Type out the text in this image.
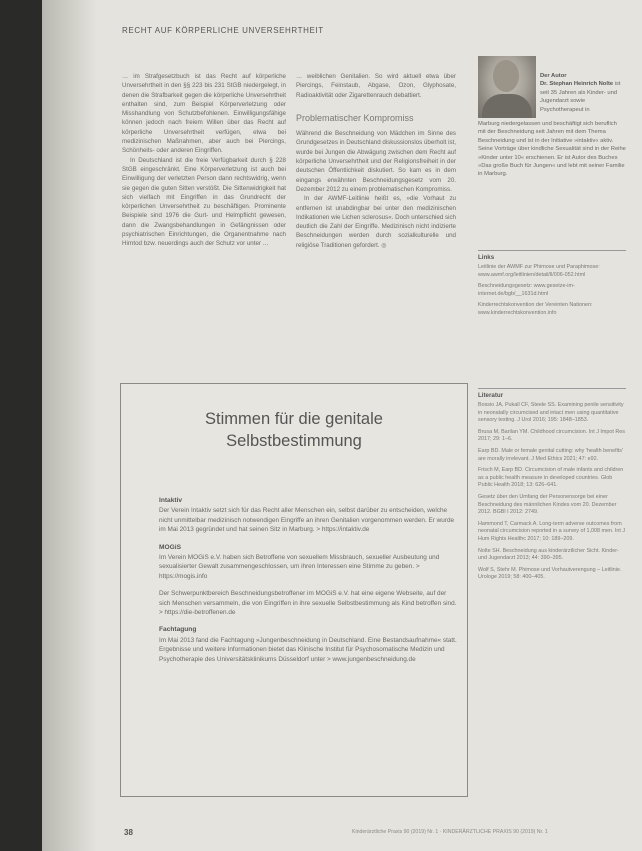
RECHT AUF KÖRPERLICHE UNVERSEHRTHEIT

… im Strafgesetzbuch ist das Recht auf körperliche Unversehrtheit in den §§ 223 bis 231 StGB niedergelegt, in denen die Strafbarkeit gegen die körperliche Unversehrtheit enthalten sind, zum Beispiel Körperverletzung oder Misshandlung von Schutzbefohlenen. Einwilligungsfähige können jedoch nach freiem Willen über das Recht auf körperliche Unversehrtheit verfügen, etwa bei medizinischen Maßnahmen, aber auch bei Piercings, Schönheits- oder anderen Eingriffen.

In Deutschland ist die freie Verfügbarkeit durch § 228 StGB eingeschränkt. Eine Körperverletzung ist auch bei Einwilligung der verletzten Person dann rechtswidrig, wenn sie gegen die guten Sitten verstößt. Die Sittenwidrigkeit hat sich vielfach mit Eingriffen in das Grundrecht der körperlichen Unversehrtheit zu beschäftigen. Prominente Beispiele sind 1976 die Gurt- und Helmpflicht gewesen, dann die Zwangsbehandlungen in Gefängnissen oder psychiatrischen Einrichtungen, die Organentnahme nach Hirntod bzw. neuerdings auch der Schutz vor unter …

… weiblichen Genitalien. So wird aktuell etwa über Piercings, Feinstaub, Abgase, Ozon, Glyphosate, Radioaktivität oder Zigarettenrauch debattiert.

Problematischer Kompromiss

Während die Beschneidung von Mädchen im Sinne des Grundgesetzes in Deutschland diskussionslos überholt ist, wurde bei Jungen die Abwägung zwischen dem Recht auf körperliche Unversehrtheit und der Religionsfreiheit in der deutschen Öffentlichkeit diskutiert. So kam es in dem eingangs erwähnten Beschneidungsgesetz vom 20. Dezember 2012 zu einem problematischen Kompromiss.

In der AWMF-Leitlinie heißt es, »die Vorhaut zu entfernen ist unabdingbar bei unter den medizinischen Indikationen wie Lichen sclerosus«. Doch unterschied sich deutlich die Zahl der Eingriffe. Medizinisch nicht indizierte Beschneidungen werden durch sozialkulturelle und religiöse Traditionen gefordert. ◎

Der Autor
Dr. Stephan Heinrich Nolte ist seit 35 Jahren als Kinder- und Jugendarzt sowie Psychotherapeut in
Marburg niedergelassen und beschäftigt sich beruflich mit der Beschneidung seit Jahren mit dem Thema Beschneidung und ist in der Initiative »intaktiv« aktiv. Seine Vorträge über kindliche Sexualität sind in der Reihe »Kinder unter 10« erschienen. Er ist Autor des Buches »Das große Buch für Jungen« und lebt mit seiner Familie in Marburg.
Links
Leitlinie der AWMF zur Phimose und Paraphimose: www.awmf.org/leitlinien/detail/ll/006-052.html
Beschneidungsgesetz: www.gesetze-im-internet.de/bgb/__1631d.html
Kinderrechtskonvention der Vereinten Nationen: www.kinderrechtskonvention.info
Literatur
Bossio JA, Pukall CF, Steele SS. Examining penile sensitivity in neonatally circumcised and intact men using quantitative sensory testing. J Urol 2016; 195: 1848–1853.
Brusa M, Barilan YM. Childhood circumcision. Int J Impot Res 2017; 29: 1–6.
Earp BD. Male or female genital cutting: why 'health benefits' are morally irrelevant. J Med Ethics 2021; 47: e92.
Frisch M, Earp BD. Circumcision of male infants and children as a public health measure in developed countries. Glob Public Health 2018; 13: 626–641.
Gesetz über den Umfang der Personensorge bei einer Beschneidung des männlichen Kindes vom 20. Dezember 2012. BGBl I 2012: 2749.
Hammond T, Carmack A. Long-term adverse outcomes from neonatal circumcision reported in a survey of 1,008 men. Int J Hum Rights Healthc 2017; 10: 189–209.
Nolte SH. Beschneidung aus kinderärztlicher Sicht. Kinder- und Jugendarzt 2013; 44: 390–395.
Wolf S, Stehr M. Phimose und Vorhautverengung – Leitlinie. Urologe 2019; 58: 400–405.
Stimmen für die genitale
Selbstbestimmung
Intaktiv

Der Verein Intaktiv setzt sich für das Recht aller Menschen ein, selbst darüber zu entscheiden, welche nicht unmittelbar medizinisch notwendigen Eingriffe an ihren Genitalien vorgenommen werden. Er wurde im Mai 2013 gegründet und hat seinen Sitz in Marburg. > https://intaktiv.de

MOGiS

Im Verein MOGiS e.V. haben sich Betroffene von sexuellem Missbrauch, sexueller Ausbeutung und sexualisierter Gewalt zusammengeschlossen, um ihren Interessen eine Stimme zu geben. > https://mogis.info

Der Schwerpunktbereich Beschneidungsbetroffener im MOGiS e.V. hat eine eigene Webseite, auf der sich Menschen versammeln, die von Eingriffen in ihre sexuelle Selbstbestimmung als Kind betroffen sind. > https://die-betroffenen.de

Fachtagung

Im Mai 2013 fand die Fachtagung »Jungenbeschneidung in Deutschland. Eine Bestandsaufnahme« statt. Ergebnisse und weitere Informationen bietet das Klinische Institut für Psychosomatische Medizin und Psychotherapie des Universitätsklinikums Düsseldorf unter > www.jungenbeschneidung.de

38	Kinderärztliche Praxis 90 (2019) Nr. 1 · KINDERÄRZTLICHE PRAXIS 90 (2019) Nr. 1
